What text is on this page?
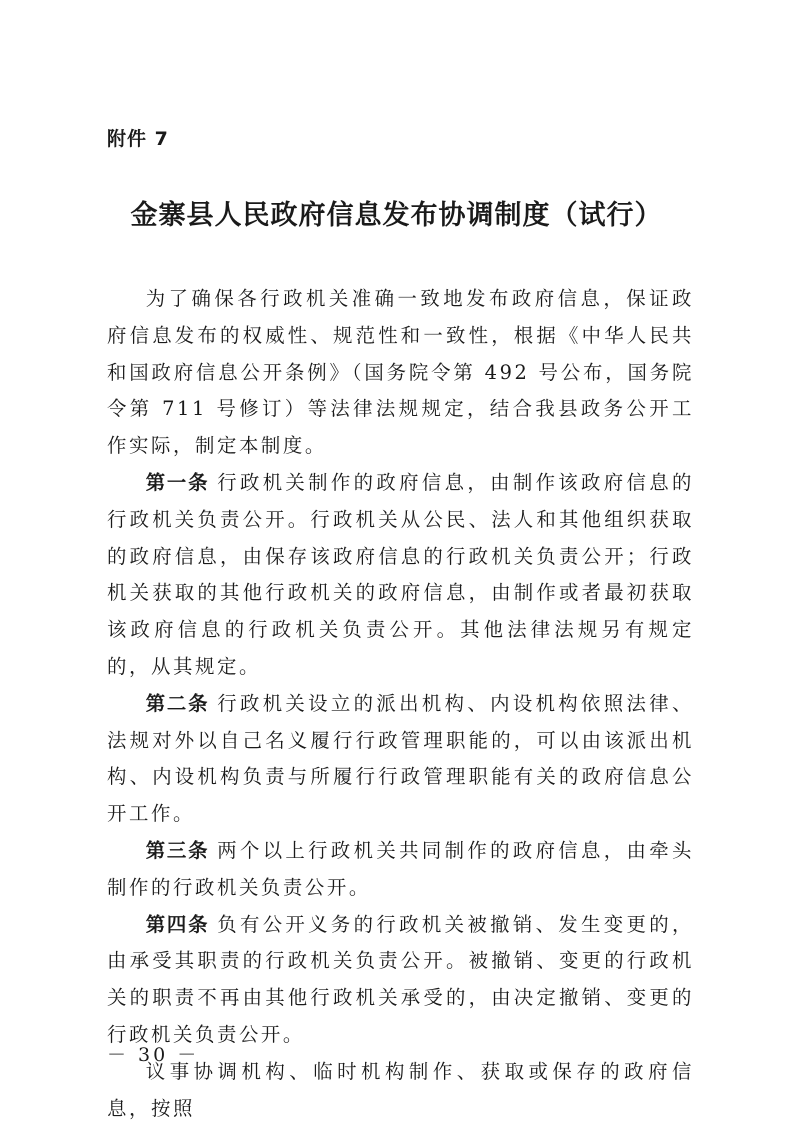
附件 7
金寨县人民政府信息发布协调制度（试行）

为了确保各行政机关准确一致地发布政府信息，保证政府信息发布的权威性、规范性和一致性，根据《中华人民共和国政府信息公开条例》（国务院令第 492 号公布，国务院令第 711 号修订）等法律法规规定，结合我县政务公开工作实际，制定本制度。

第一条 行政机关制作的政府信息，由制作该政府信息的行政机关负责公开。行政机关从公民、法人和其他组织获取的政府信息，由保存该政府信息的行政机关负责公开；行政机关获取的其他行政机关的政府信息，由制作或者最初获取该政府信息的行政机关负责公开。其他法律法规另有规定的，从其规定。

第二条 行政机关设立的派出机构、内设机构依照法律、法规对外以自己名义履行行政管理职能的，可以由该派出机构、内设机构负责与所履行行政管理职能有关的政府信息公开工作。

第三条 两个以上行政机关共同制作的政府信息，由牵头制作的行政机关负责公开。

第四条 负有公开义务的行政机关被撤销、发生变更的，由承受其职责的行政机关负责公开。被撤销、变更的行政机关的职责不再由其他行政机关承受的，由决定撤销、变更的行政机关负责公开。

议事协调机构、临时机构制作、获取或保存的政府信息，按照

－ 30 －
